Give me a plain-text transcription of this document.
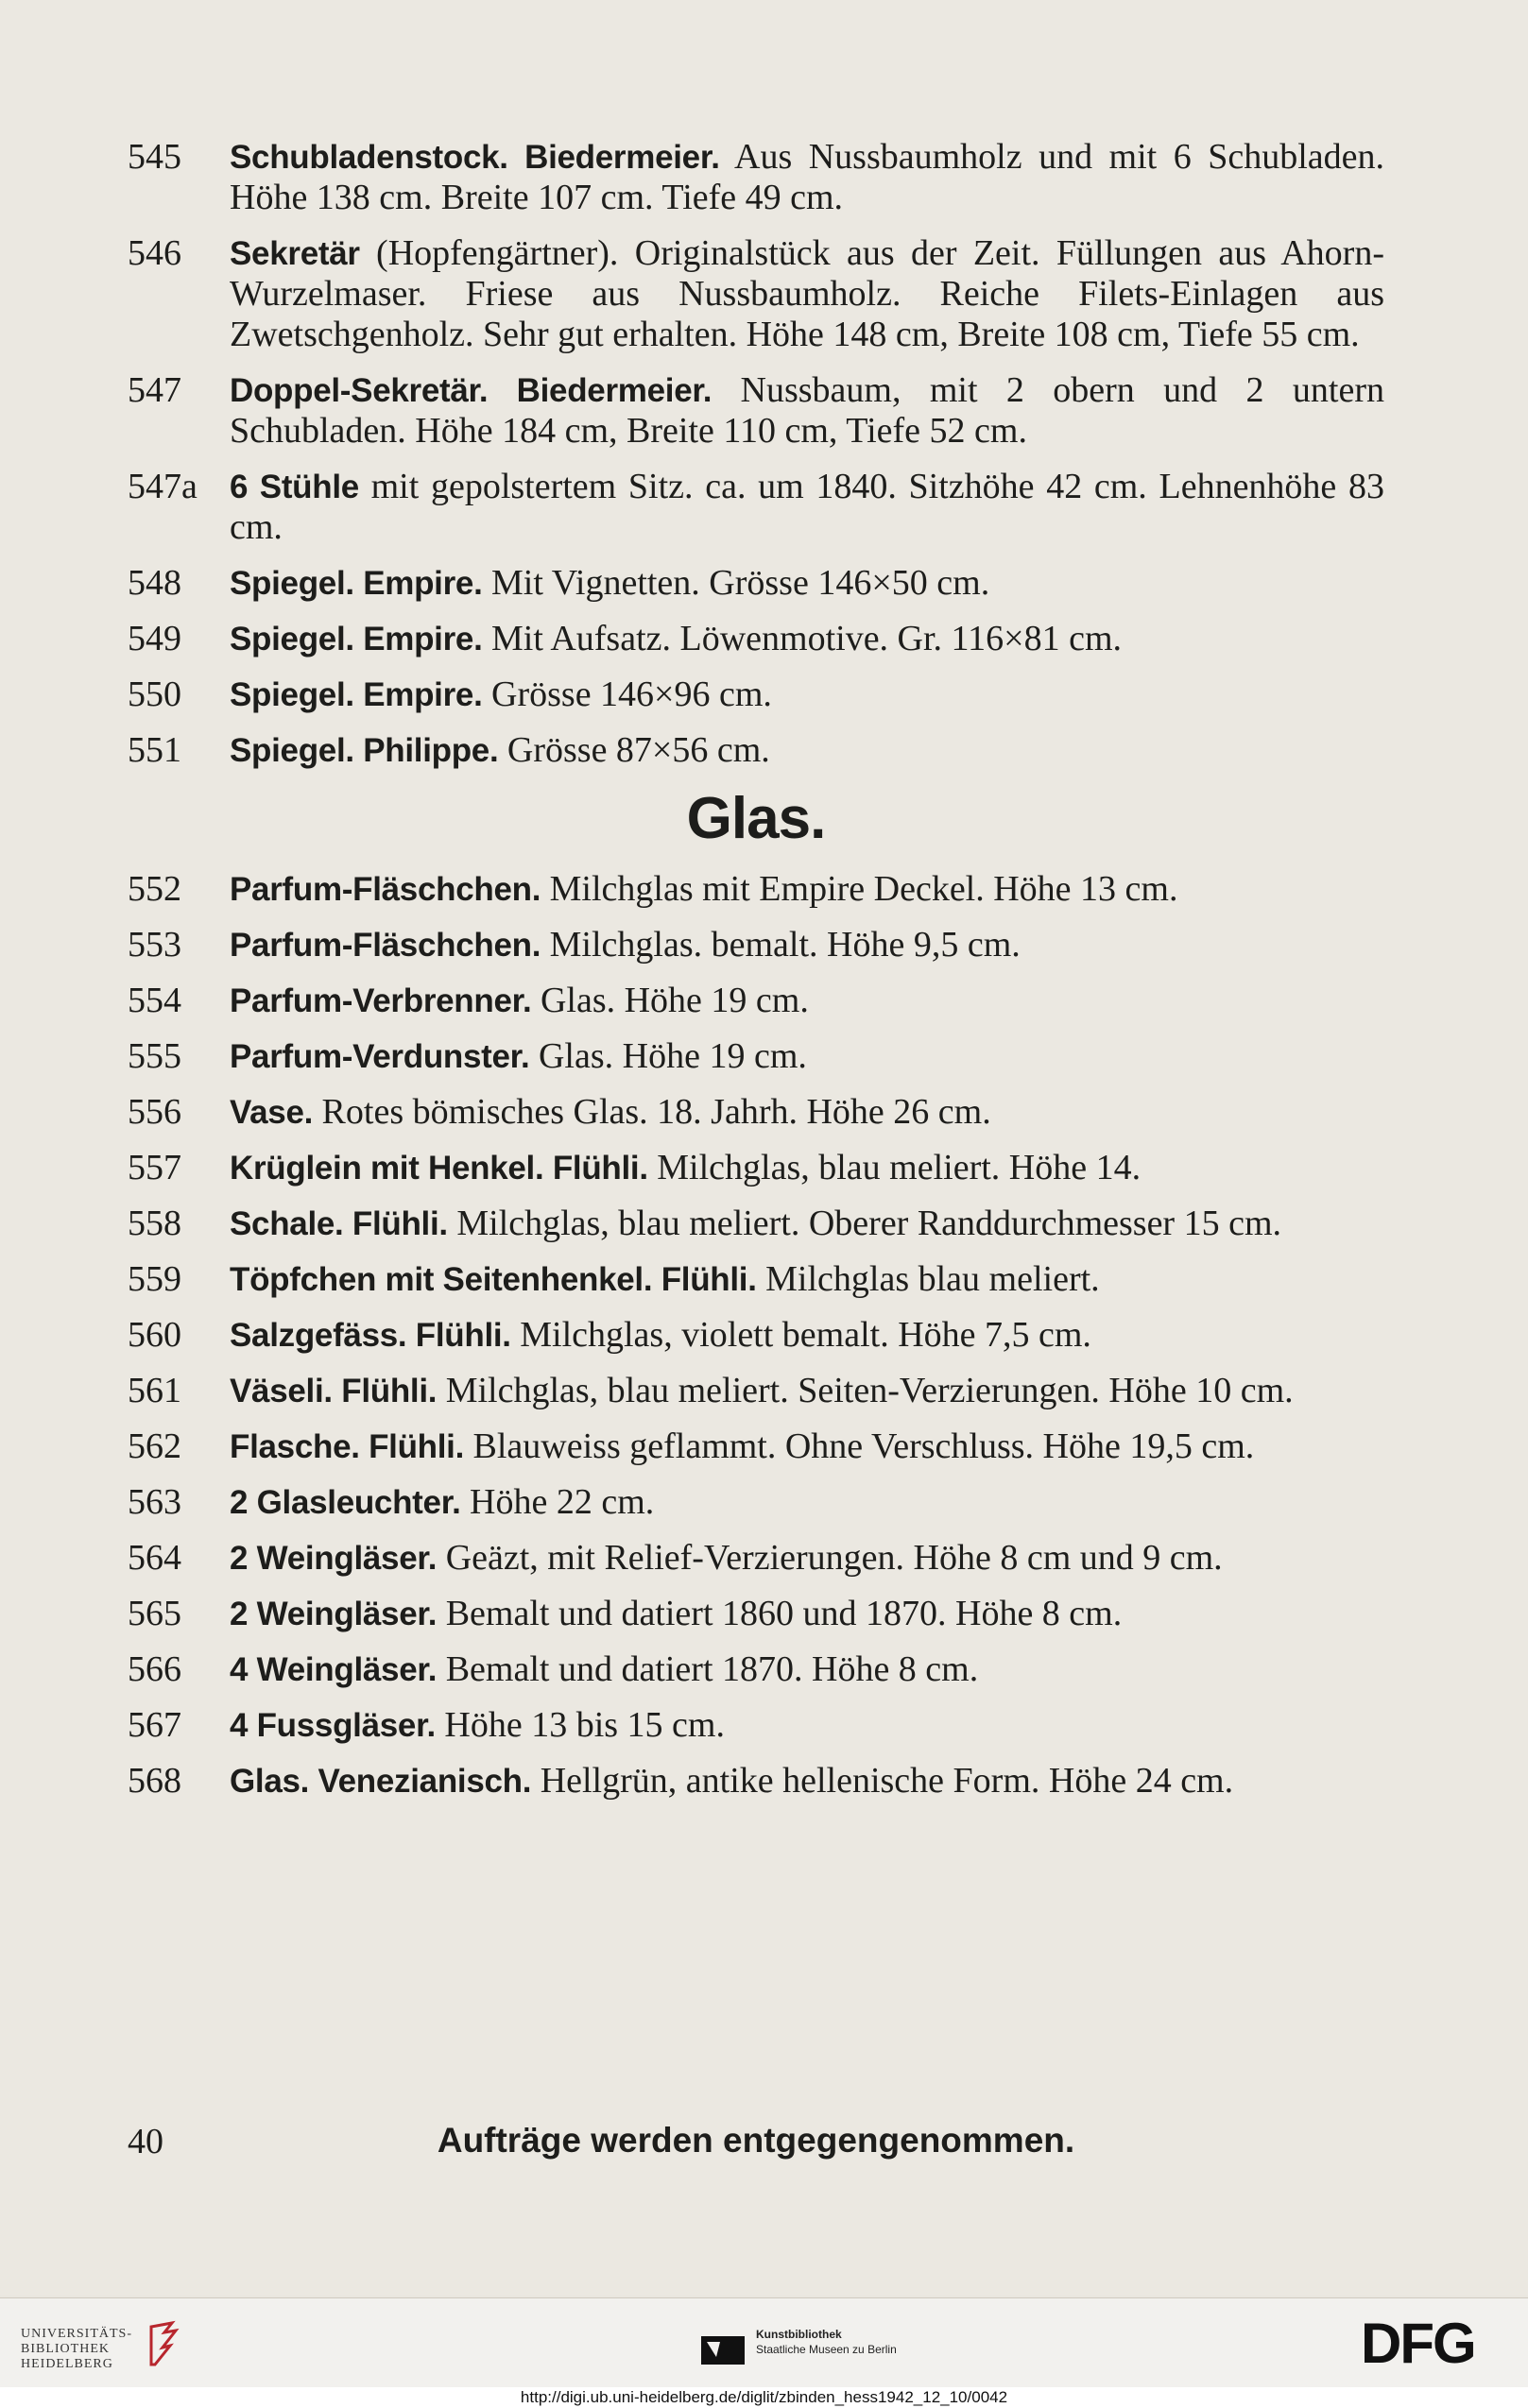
545	Schubladenstock. Biedermeier. Aus Nussbaumholz und mit 6 Schubladen. Höhe 138 cm. Breite 107 cm. Tiefe 49 cm.
546	Sekretär (Hopfengärtner). Originalstück aus der Zeit. Füllungen aus Ahorn-Wurzelmaser. Friese aus Nussbaumholz. Reiche Filets-Einlagen aus Zwetschgenholz. Sehr gut erhalten. Höhe 148 cm, Breite 108 cm, Tiefe 55 cm.
547	Doppel-Sekretär. Biedermeier. Nussbaum, mit 2 obern und 2 untern Schubladen. Höhe 184 cm, Breite 110 cm, Tiefe 52 cm.
547a 6 Stühle mit gepolstertem Sitz. ca. um 1840. Sitzhöhe 42 cm. Lehnenhöhe 83 cm.
548	Spiegel. Empire. Mit Vignetten. Grösse 146×50 cm.
549	Spiegel. Empire. Mit Aufsatz. Löwenmotive. Gr. 116×81 cm.
550	Spiegel. Empire. Grösse 146×96 cm.
551	Spiegel. Philippe. Grösse 87×56 cm.
Glas.
552	Parfum-Fläschchen. Milchglas mit Empire Deckel. Höhe 13 cm.
553	Parfum-Fläschchen. Milchglas. bemalt. Höhe 9,5 cm.
554	Parfum-Verbrenner. Glas. Höhe 19 cm.
555	Parfum-Verdunster. Glas. Höhe 19 cm.
556	Vase. Rotes bömisches Glas. 18. Jahrh. Höhe 26 cm.
557	Krüglein mit Henkel. Flühli. Milchglas, blau meliert. Höhe 14.
558	Schale. Flühli. Milchglas, blau meliert. Oberer Randdurchmesser 15 cm.
559	Töpfchen mit Seitenhenkel. Flühli. Milchglas blau meliert.
560	Salzgefäss. Flühli. Milchglas, violett bemalt. Höhe 7,5 cm.
561	Väseli. Flühli. Milchglas, blau meliert. Seiten-Verzierungen. Höhe 10 cm.
562	Flasche. Flühli. Blauweiss geflammt. Ohne Verschluss. Höhe 19,5 cm.
563	2 Glasleuchter. Höhe 22 cm.
564	2 Weingläser. Geäzt, mit Relief-Verzierungen. Höhe 8 cm und 9 cm.
565	2 Weingläser. Bemalt und datiert 1860 und 1870. Höhe 8 cm.
566	4 Weingläser. Bemalt und datiert 1870. Höhe 8 cm.
567	4 Fussgläser. Höhe 13 bis 15 cm.
568	Glas. Venezianisch. Hellgrün, antike hellenische Form. Höhe 24 cm.
40	Aufträge werden entgegengenommen.
UNIVERSITÄTS-
BIBLIOTHEK
HEIDELBERG
Kunstbibliothek
Staatliche Museen zu Berlin	DFG
http://digi.ub.uni-heidelberg.de/diglit/zbinden_hess1942_12_10/0042
